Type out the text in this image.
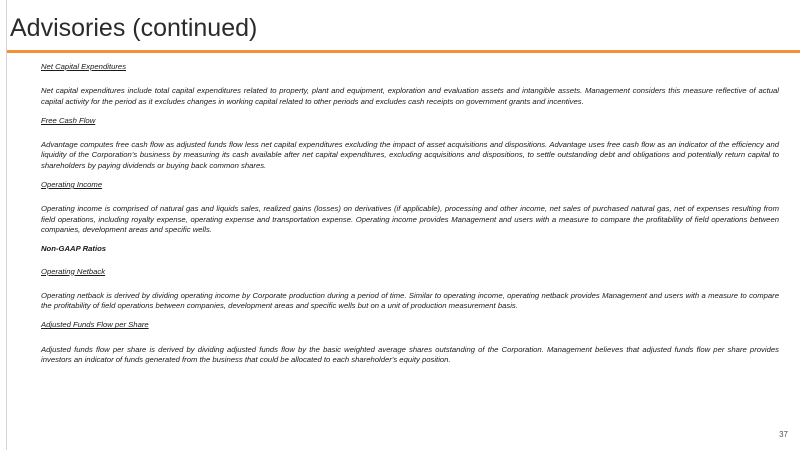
Advisories (continued)
Net Capital Expenditures
Net capital expenditures include total capital expenditures related to property, plant and equipment, exploration and evaluation assets and intangible assets. Management considers this measure reflective of actual capital activity for the period as it excludes changes in working capital related to other periods and excludes cash receipts on government grants and incentives.
Free Cash Flow
Advantage computes free cash flow as adjusted funds flow less net capital expenditures excluding the impact of asset acquisitions and dispositions. Advantage uses free cash flow as an indicator of the efficiency and liquidity of the Corporation’s business by measuring its cash available after net capital expenditures, excluding acquisitions and dispositions, to settle outstanding debt and obligations and potentially return capital to shareholders by paying dividends or buying back common shares.
Operating Income
Operating income is comprised of natural gas and liquids sales, realized gains (losses) on derivatives (if applicable), processing and other income, net sales of purchased natural gas, net of expenses resulting from field operations, including royalty expense, operating expense and transportation expense. Operating income provides Management and users with a measure to compare the profitability of field operations between companies, development areas and specific wells.
Non-GAAP Ratios
Operating Netback
Operating netback is derived by dividing operating income by Corporate production during a period of time. Similar to operating income, operating netback provides Management and users with a measure to compare the profitability of field operations between companies, development areas and specific wells but on a unit of production measurement basis.
Adjusted Funds Flow per Share
Adjusted funds flow per share is derived by dividing adjusted funds flow by the basic weighted average shares outstanding of the Corporation. Management believes that adjusted funds flow per share provides investors an indicator of funds generated from the business that could be allocated to each shareholder's equity position.
37
